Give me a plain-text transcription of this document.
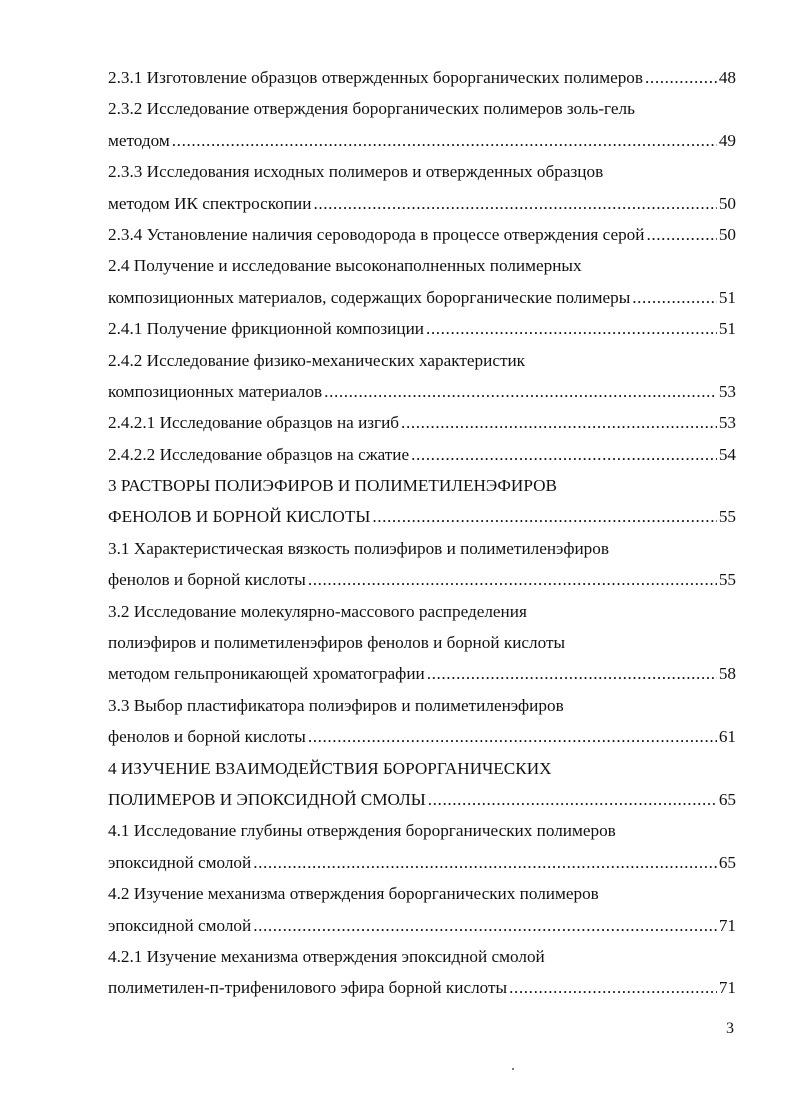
2.3.1 Изготовление образцов отвержденных борорганических полимеров .....	48
2.3.2 Исследование отверждения борорганических полимеров золь-гель
методом .....	49
2.3.3 Исследования исходных полимеров и отвержденных образцов
методом ИК спектроскопии .....	50
2.3.4 Установление наличия сероводорода в процессе отверждения серой .....	50
2.4 Получение и исследование высоконаполненных полимерных
композиционных материалов, содержащих борорганические полимеры .....	51
2.4.1 Получение фрикционной композиции .....	51
2.4.2 Исследование физико-механических характеристик
композиционных материалов .....	53
2.4.2.1 Исследование образцов на изгиб .....	53
2.4.2.2 Исследование образцов на сжатие .....	54
3 РАСТВОРЫ ПОЛИЭФИРОВ И ПОЛИМЕТИЛЕНЭФИРОВ
ФЕНОЛОВ И БОРНОЙ КИСЛОТЫ .....	55
3.1 Характеристическая вязкость полиэфиров и полиметиленэфиров
фенолов и борной кислоты .....	55
3.2 Исследование молекулярно-массового распределения
полиэфиров и полиметиленэфиров фенолов и борной кислоты
методом гельпроникающей хроматографии .....	58
3.3 Выбор пластификатора полиэфиров и полиметиленэфиров
фенолов и борной кислоты .....	61
4 ИЗУЧЕНИЕ ВЗАИМОДЕЙСТВИЯ БОРОРГАНИЧЕСКИХ
ПОЛИМЕРОВ И ЭПОКСИДНОЙ СМОЛЫ .....	65
4.1 Исследование глубины отверждения борорганических полимеров
эпоксидной смолой .....	65
4.2 Изучение механизма отверждения борорганических полимеров
эпоксидной смолой .....	71
4.2.1 Изучение механизма отверждения эпоксидной смолой
полиметилен-п-трифенилового эфира борной кислоты .....	71
3
